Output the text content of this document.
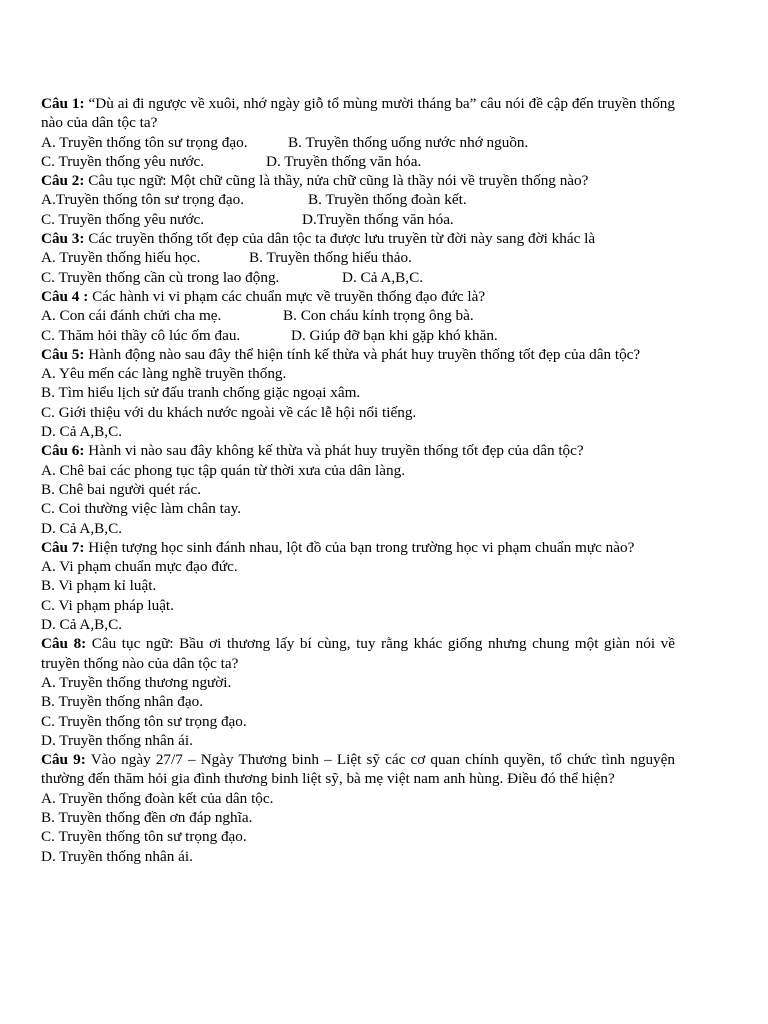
Câu 1: “Dù ai đi ngược về xuôi, nhớ ngày giỗ tổ mùng mười tháng ba” câu nói đề cập đến truyền thống nào của dân tộc ta?
A. Truyền thống tôn sư trọng đạo.	B. Truyền thống uống nước nhớ nguồn.
C. Truyền thống yêu nước.	D. Truyền thống văn hóa.
Câu 2: Câu tục ngữ: Một chữ cũng là thầy, nửa chữ cũng là thầy nói về truyền thống nào?
A.Truyền thống tôn sư trọng đạo.	B. Truyền thống đoàn kết.
C. Truyền thống yêu nước.	D.Truyền thống văn hóa.
Câu 3: Các truyền thống tốt đẹp của dân tộc ta được lưu truyền từ đời này sang đời khác là
A. Truyền thống hiếu học.	B. Truyền thống hiếu thảo.
C. Truyền thống cần cù trong lao động.	D. Cả A,B,C.
Câu 4 : Các hành vi vi phạm các chuẩn mực về truyền thống đạo đức là?
A. Con cái đánh chửi cha mẹ.	B. Con cháu kính trọng ông bà.
C. Thăm hỏi thầy cô lúc ốm đau.	D. Giúp đỡ bạn khi gặp khó khăn.
Câu 5: Hành động nào sau đây thể hiện tính kế thừa và phát huy truyền thống tốt đẹp của dân tộc?
A. Yêu mến các làng nghề truyền thống.
B. Tìm hiểu lịch sử đấu tranh chống giặc ngoại xâm.
C. Giới thiệu với du khách nước ngoài về các lễ hội nổi tiếng.
D. Cả A,B,C.
Câu 6: Hành vi nào sau đây không kế thừa và phát huy truyền thống tốt đẹp của dân tộc?
A. Chê bai các phong tục tập quán từ thời xưa của dân làng.
B. Chê bai người quét rác.
C. Coi thường việc làm chân tay.
D. Cả A,B,C.
Câu 7: Hiện tượng học sinh đánh nhau, lột đồ của bạn trong trường học vi phạm chuẩn mực nào?
A. Vi phạm chuẩn mực đạo đức.
B. Vi phạm kỉ luật.
C. Vi phạm pháp luật.
D. Cả A,B,C.
Câu 8: Câu tục ngữ: Bầu ơi thương lấy bí cùng, tuy rằng khác giống nhưng chung một giàn nói về truyền thống nào của dân tộc ta?
A. Truyền thống thương người.
B. Truyền thống nhân đạo.
C. Truyền thống tôn sư trọng đạo.
D. Truyền thống nhân ái.
Câu 9: Vào ngày 27/7 – Ngày Thương binh – Liệt sỹ các cơ quan chính quyền, tổ chức tình nguyện thường đến thăm hỏi gia đình thương binh liệt sỹ, bà mẹ việt nam anh hùng. Điều đó thể hiện?
A. Truyền thống đoàn kết của dân tộc.
B. Truyền thống đền ơn đáp nghĩa.
C. Truyền thống tôn sư trọng đạo.
D. Truyền thống nhân ái.
